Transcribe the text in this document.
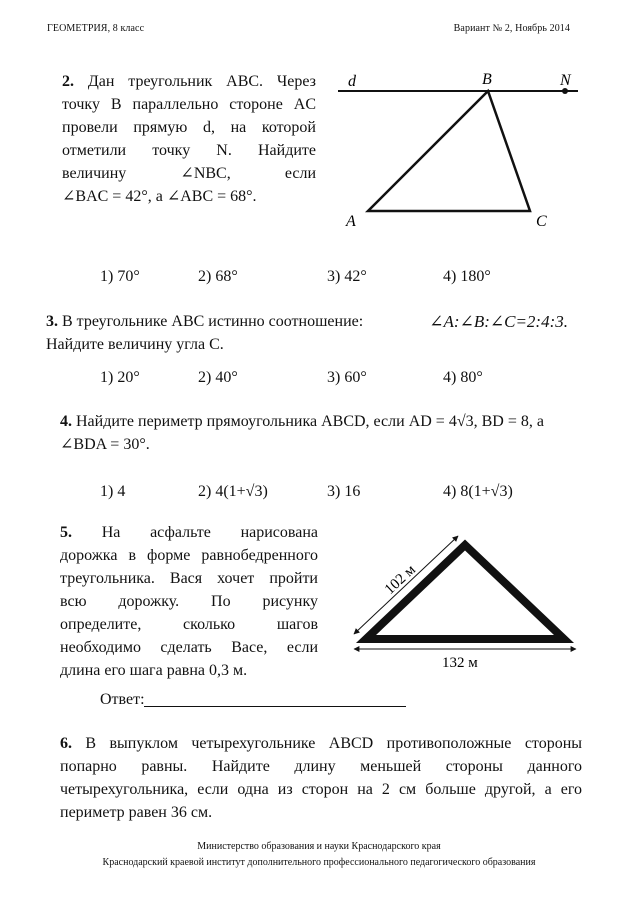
ГЕОМЕТРИЯ, 8 класс	Вариант № 2, Ноябрь 2014
2. Дан треугольник ABC. Через
точку B параллельно стороне AC
провели прямую d, на которой
отметили точку N. Найдите
величину ∠NBC, если
∠BAC = 42°, а ∠ABC = 68°.
d	B	N
A	C
1) 70°	2) 68°	3) 42°	4) 180°
3. В треугольнике ABC истинно соотношение:	∠A:∠B:∠C=2:4:3.
Найдите величину угла C.
1) 20°	2) 40°	3) 60°	4) 80°
4. Найдите периметр прямоугольника ABCD, если AD = 4√3, BD = 8, а
∠BDA = 30°.
1) 4	2) 4(1+√3)	3) 16	4) 8(1+√3)
5. На асфальте нарисована
дорожка в форме равнобедренного
треугольника. Вася хочет пройти
всю дорожку. По рисунку
определите, сколько шагов
необходимо сделать Васе, если
длина его шага равна 0,3 м.
102 м
132 м
Ответ:
6. В выпуклом четырехугольнике ABCD противоположные стороны
попарно равны. Найдите длину меньшей стороны данного
четырехугольника, если одна из сторон на 2 см больше другой, а его
периметр равен 36 см.
Министерство образования и науки Краснодарского края
Краснодарский краевой институт дополнительного профессионального педагогического образования
